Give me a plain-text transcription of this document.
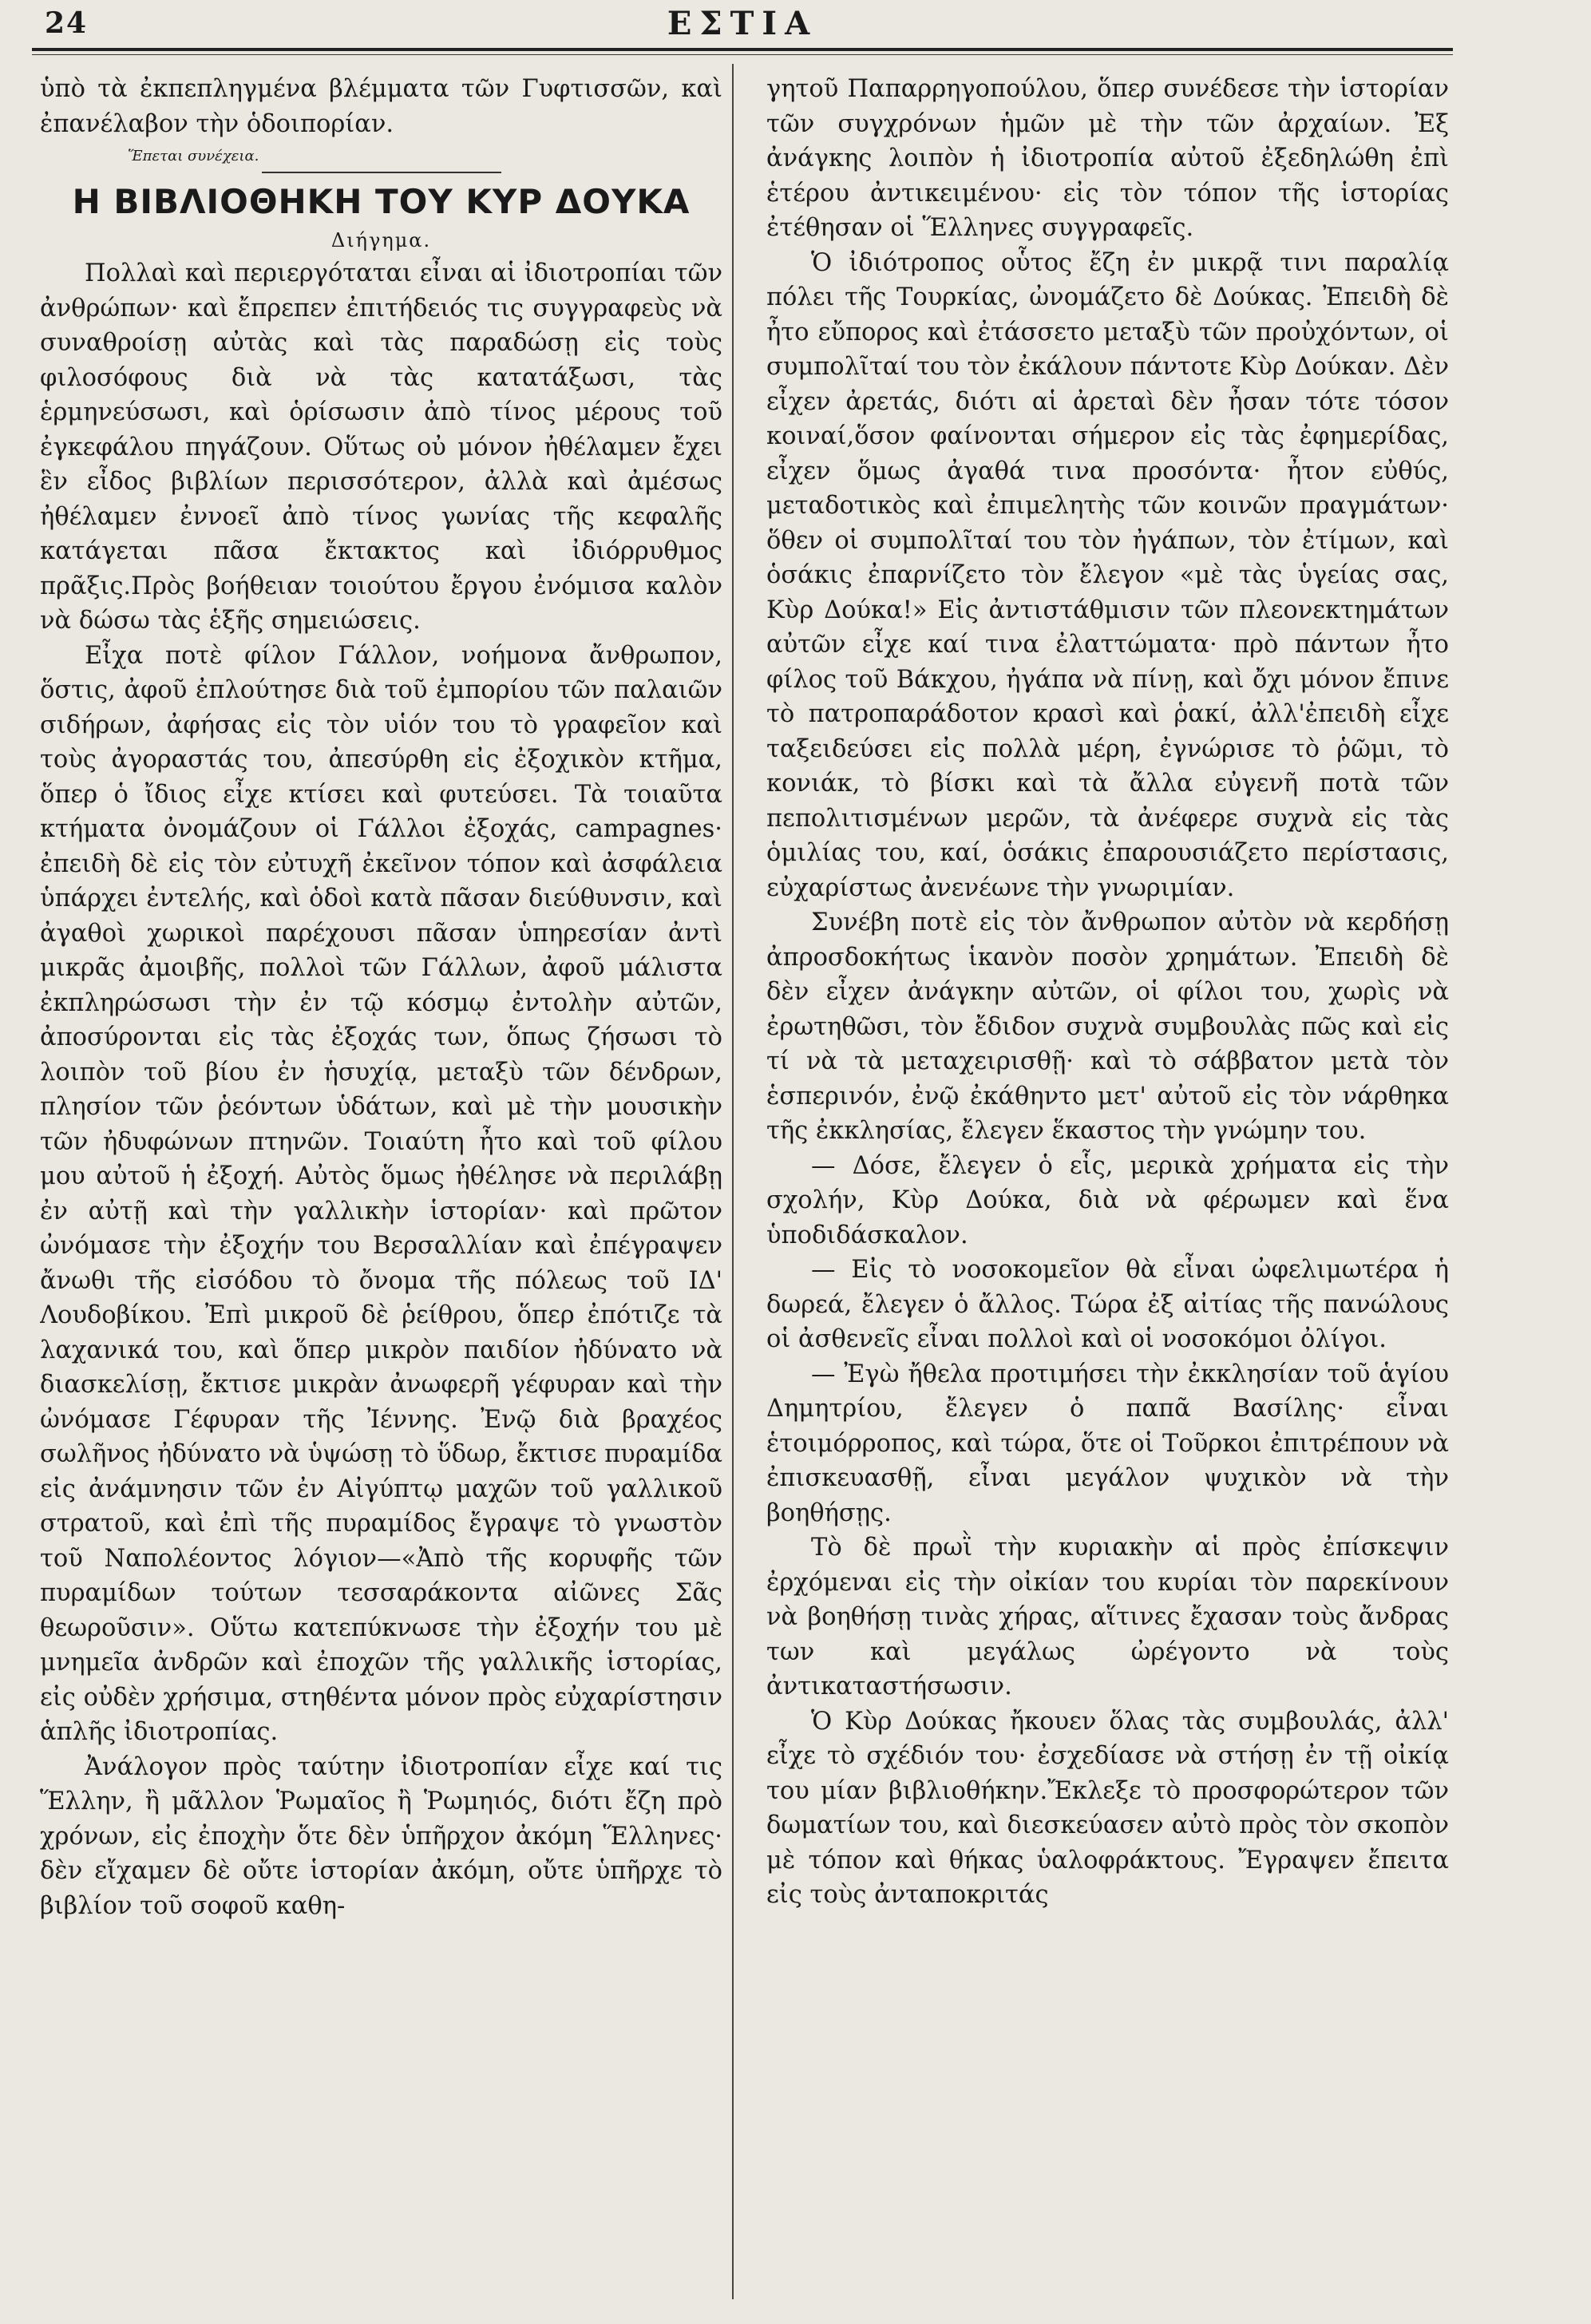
24	ΕΣΤΙΑ

ὑπὸ τὰ ἐκπεπληγμένα βλέμματα τῶν Γυφτισσῶν, καὶ ἐπανέλαβον τὴν ὁδοιπορίαν.

Ἕπεται συνέχεια.
Η ΒΙΒΛΙΟΘΗΚΗ ΤΟΥ ΚΥΡ ΔΟΥΚΑ
Διήγημα.

Πολλαὶ καὶ περιεργόταται εἶναι αἱ ἰδιοτροπίαι τῶν ἀνθρώπων· καὶ ἔπρεπεν ἐπιτήδειός τις συγγραφεὺς νὰ συναθροίσῃ αὐτὰς καὶ τὰς παραδώσῃ εἰς τοὺς φιλοσόφους διὰ νὰ τὰς κατατάξωσι, τὰς ἑρμηνεύσωσι, καὶ ὁρίσωσιν ἀπὸ τίνος μέρους τοῦ ἐγκεφάλου πηγάζουν. Οὕτως οὐ μόνον ἠθέλαμεν ἔχει ἓν εἶδος βιβλίων περισσότερον, ἀλλὰ καὶ ἀμέσως ἠθέλαμεν ἐννοεῖ ἀπὸ τίνος γωνίας τῆς κεφαλῆς κατάγεται πᾶσα ἔκτακτος καὶ ἰδιόρρυθμος πρᾶξις.Πρὸς βοήθειαν τοιούτου ἔργου ἐνόμισα καλὸν νὰ δώσω τὰς ἑξῆς σημειώσεις.

Εἶχα ποτὲ φίλον Γάλλον, νοήμονα ἄνθρωπον, ὅστις, ἀφοῦ ἐπλούτησε διὰ τοῦ ἐμπορίου τῶν παλαιῶν σιδήρων, ἀφήσας εἰς τὸν υἱόν του τὸ γραφεῖον καὶ τοὺς ἀγοραστάς του, ἀπεσύρθη εἰς ἐξοχικὸν κτῆμα, ὅπερ ὁ ἴδιος εἶχε κτίσει καὶ φυτεύσει. Τὰ τοιαῦτα κτήματα ὀνομάζουν οἱ Γάλλοι ἐξοχάς, campagnes· ἐπειδὴ δὲ εἰς τὸν εὐτυχῆ ἐκεῖνον τόπον καὶ ἀσφάλεια ὑπάρχει ἐντελής, καὶ ὁδοὶ κατὰ πᾶσαν διεύθυνσιν, καὶ ἀγαθοὶ χωρικοὶ παρέχουσι πᾶσαν ὑπηρεσίαν ἀντὶ μικρᾶς ἀμοιβῆς, πολλοὶ τῶν Γάλλων, ἀφοῦ μάλιστα ἐκπληρώσωσι τὴν ἐν τῷ κόσμῳ ἐντολὴν αὐτῶν, ἀποσύρονται εἰς τὰς ἐξοχάς των, ὅπως ζήσωσι τὸ λοιπὸν τοῦ βίου ἐν ἡσυχίᾳ, μεταξὺ τῶν δένδρων, πλησίον τῶν ῥεόντων ὑδάτων, καὶ μὲ τὴν μουσικὴν τῶν ἠδυφώνων πτηνῶν. Τοιαύτη ἦτο καὶ τοῦ φίλου μου αὐτοῦ ἡ ἐξοχή. Αὐτὸς ὅμως ἠθέλησε νὰ περιλάβῃ ἐν αὐτῇ καὶ τὴν γαλλικὴν ἱστορίαν· καὶ πρῶτον ὠνόμασε τὴν ἐξοχήν του Βερσαλλίαν καὶ ἐπέγραψεν ἄνωθι τῆς εἰσόδου τὸ ὄνομα τῆς πόλεως τοῦ ΙΔ' Λουδοβίκου. Ἐπὶ μικροῦ δὲ ῥείθρου, ὅπερ ἐπότιζε τὰ λαχανικά του, καὶ ὅπερ μικρὸν παιδίον ἠδύνατο νὰ διασκελίσῃ, ἔκτισε μικρὰν ἀνωφερῆ γέφυραν καὶ τὴν ὠνόμασε Γέφυραν τῆς Ἰέννης. Ἐνῷ διὰ βραχέος σωλῆνος ἠδύνατο νὰ ὑψώσῃ τὸ ὕδωρ, ἔκτισε πυραμίδα εἰς ἀνάμνησιν τῶν ἐν Αἰγύπτῳ μαχῶν τοῦ γαλλικοῦ στρατοῦ, καὶ ἐπὶ τῆς πυραμίδος ἔγραψε τὸ γνωστὸν τοῦ Ναπολέοντος λόγιον—«Ἀπὸ τῆς κορυφῆς τῶν πυραμίδων τούτων τεσσαράκοντα αἰῶνες Σᾶς θεωροῦσιν». Οὕτω κατεπύκνωσε τὴν ἐξοχήν του μὲ μνημεῖα ἀνδρῶν καὶ ἐποχῶν τῆς γαλλικῆς ἱστορίας, εἰς οὐδὲν χρήσιμα, στηθέντα μόνον πρὸς εὐχαρίστησιν ἁπλῆς ἰδιοτροπίας.

Ἀνάλογον πρὸς ταύτην ἰδιοτροπίαν εἶχε καί τις Ἕλλην, ἢ μᾶλλον Ῥωμαῖος ἢ Ῥωμηιός, διότι ἔζη πρὸ χρόνων, εἰς ἐποχὴν ὅτε δὲν ὑπῆρχον ἀκόμη Ἕλληνες· δὲν εἴχαμεν δὲ οὔτε ἱστορίαν ἀκόμη, οὔτε ὑπῆρχε τὸ βιβλίον τοῦ σοφοῦ καθη-

γητοῦ Παπαρρηγοπούλου, ὅπερ συνέδεσε τὴν ἱστορίαν τῶν συγχρόνων ἡμῶν μὲ τὴν τῶν ἀρχαίων. Ἐξ ἀνάγκης λοιπὸν ἡ ἰδιοτροπία αὐτοῦ ἐξεδηλώθη ἐπὶ ἑτέρου ἀντικειμένου· εἰς τὸν τόπον τῆς ἱστορίας ἐτέθησαν οἱ Ἕλληνες συγγραφεῖς.

Ὁ ἰδιότροπος οὗτος ἔζη ἐν μικρᾷ τινι παραλίᾳ πόλει τῆς Τουρκίας, ὠνομάζετο δὲ Δούκας. Ἐπειδὴ δὲ ἦτο εὔπορος καὶ ἐτάσσετο μεταξὺ τῶν προὐχόντων, οἱ συμπολῖταί του τὸν ἐκάλουν πάντοτε Κὺρ Δούκαν. Δὲν εἶχεν ἀρετάς, διότι αἱ ἀρεταὶ δὲν ἦσαν τότε τόσον κοιναί,ὅσον φαίνονται σήμερον εἰς τὰς ἐφημερίδας, εἶχεν ὅμως ἀγαθά τινα προσόντα· ἦτον εὐθύς, μεταδοτικὸς καὶ ἐπιμελητὴς τῶν κοινῶν πραγμάτων· ὅθεν οἱ συμπολῖταί του τὸν ἠγάπων, τὸν ἐτίμων, καὶ ὁσάκις ἐπαρνίζετο τὸν ἔλεγον «μὲ τὰς ὑγείας σας, Κὺρ Δούκα!» Εἰς ἀντιστάθμισιν τῶν πλεονεκτημάτων αὐτῶν εἶχε καί τινα ἐλαττώματα· πρὸ πάντων ἦτο φίλος τοῦ Βάκχου, ἠγάπα νὰ πίνῃ, καὶ ὄχι μόνον ἔπινε τὸ πατροπαράδοτον κρασὶ καὶ ῥακί, ἀλλ'ἐπειδὴ εἶχε ταξειδεύσει εἰς πολλὰ μέρη, ἐγνώρισε τὸ ῥῶμι, τὸ κονιάκ, τὸ βίσκι καὶ τὰ ἄλλα εὐγενῆ ποτὰ τῶν πεπολιτισμένων μερῶν, τὰ ἀνέφερε συχνὰ εἰς τὰς ὁμιλίας του, καί, ὁσάκις ἐπαρουσιάζετο περίστασις, εὐχαρίστως ἀνενέωνε τὴν γνωριμίαν.

Συνέβη ποτὲ εἰς τὸν ἄνθρωπον αὐτὸν νὰ κερδήσῃ ἀπροσδοκήτως ἱκανὸν ποσὸν χρημάτων. Ἐπειδὴ δὲ δὲν εἶχεν ἀνάγκην αὐτῶν, οἱ φίλοι του, χωρὶς νὰ ἐρωτηθῶσι, τὸν ἔδιδον συχνὰ συμβουλὰς πῶς καὶ εἰς τί νὰ τὰ μεταχειρισθῇ· καὶ τὸ σάββατον μετὰ τὸν ἑσπερινόν, ἐνῷ ἐκάθηντο μετ' αὐτοῦ εἰς τὸν νάρθηκα τῆς ἐκκλησίας, ἔλεγεν ἕκαστος τὴν γνώμην του.

— Δόσε, ἔλεγεν ὁ εἷς, μερικὰ χρήματα εἰς τὴν σχολήν, Κὺρ Δούκα, διὰ νὰ φέρωμεν καὶ ἕνα ὑποδιδάσκαλον.

— Εἰς τὸ νοσοκομεῖον θὰ εἶναι ὠφελιμωτέρα ἡ δωρεά, ἔλεγεν ὁ ἄλλος. Τώρα ἐξ αἰτίας τῆς πανώλους οἱ ἀσθενεῖς εἶναι πολλοὶ καὶ οἱ νοσοκόμοι ὀλίγοι.

— Ἐγὼ ἤθελα προτιμήσει τὴν ἐκκλησίαν τοῦ ἁγίου Δημητρίου, ἔλεγεν ὁ παπᾶ Βασίλης· εἶναι ἑτοιμόρροπος, καὶ τώρα, ὅτε οἱ Τοῦρκοι ἐπιτρέπουν νὰ ἐπισκευασθῇ, εἶναι μεγάλον ψυχικὸν νὰ τὴν βοηθήσῃς.

Τὸ δὲ πρωῒ τὴν κυριακὴν αἱ πρὸς ἐπίσκεψιν ἐρχόμεναι εἰς τὴν οἰκίαν του κυρίαι τὸν παρεκίνουν νὰ βοηθήσῃ τινὰς χήρας, αἵτινες ἔχασαν τοὺς ἄνδρας των καὶ μεγάλως ὠρέγοντο νὰ τοὺς ἀντικαταστήσωσιν.

Ὁ Κὺρ Δούκας ἤκουεν ὅλας τὰς συμβουλάς, ἀλλ' εἶχε τὸ σχέδιόν του· ἐσχεδίασε νὰ στήσῃ ἐν τῇ οἰκίᾳ του μίαν βιβλιοθήκην.Ἔκλεξε τὸ προσφορώτερον τῶν δωματίων του, καὶ διεσκεύασεν αὐτὸ πρὸς τὸν σκοπὸν μὲ τόπον καὶ θήκας ὑαλοφράκτους. Ἔγραψεν ἔπειτα εἰς τοὺς ἀνταποκριτάς
